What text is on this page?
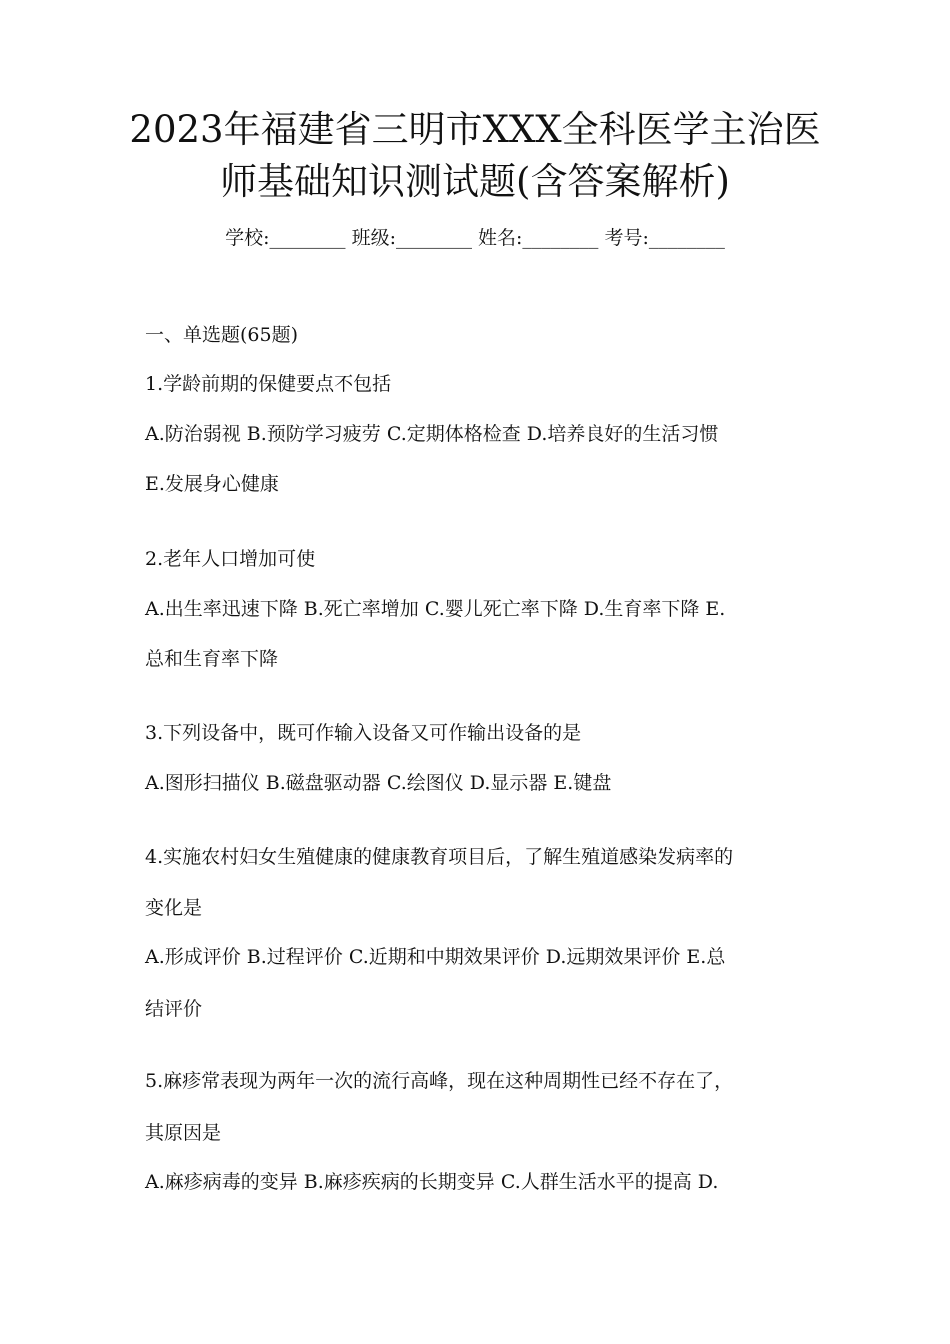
2023年福建省三明市XXX全科医学主治医
师基础知识测试题(含答案解析)
学校:________ 班级:________ 姓名:________ 考号:________
一、单选题(65题)
1.学龄前期的保健要点不包括
A.防治弱视 B.预防学习疲劳 C.定期体格检查 D.培养良好的生活习惯
E.发展身心健康
2.老年人口增加可使
A.出生率迅速下降 B.死亡率增加 C.婴儿死亡率下降 D.生育率下降 E.
总和生育率下降
3.下列设备中，既可作输入设备又可作输出设备的是
A.图形扫描仪 B.磁盘驱动器 C.绘图仪 D.显示器 E.键盘
4.实施农村妇女生殖健康的健康教育项目后，了解生殖道感染发病率的
变化是
A.形成评价 B.过程评价 C.近期和中期效果评价 D.远期效果评价 E.总
结评价
5.麻疹常表现为两年一次的流行高峰，现在这种周期性已经不存在了，
其原因是
A.麻疹病毒的变异 B.麻疹疾病的长期变异 C.人群生活水平的提高 D.
